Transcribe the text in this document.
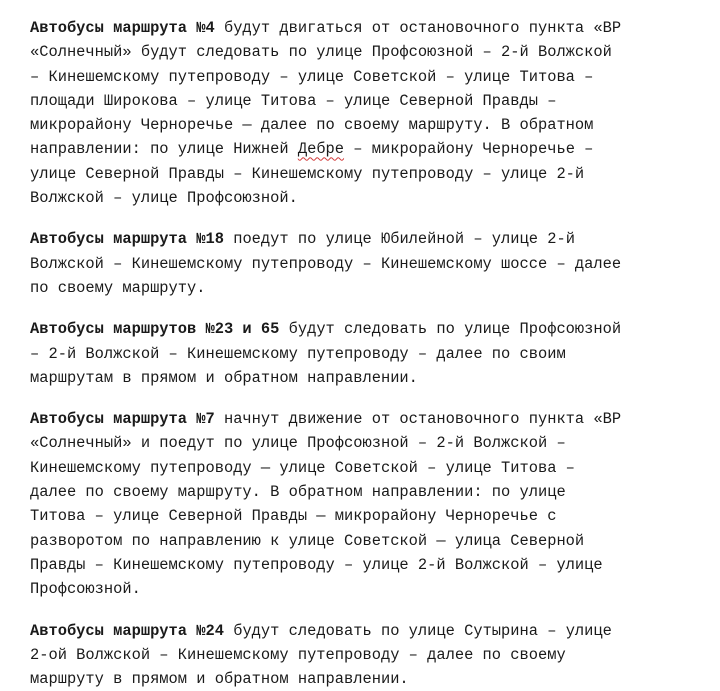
Автобусы маршрута №4 будут двигаться от остановочного пункта «ВР
«Солнечный» будут следовать по улице Профсоюзной – 2-й Волжской
– Кинешемскому путепроводу – улице Советской – улице Титова –
площади Широкова – улице Титова – улице Северной Правды –
микрорайону Черноречье — далее по своему маршруту. В обратном
направлении: по улице Нижней Дебре – микрорайону Черноречье –
улице Северной Правды – Кинешемскому путепроводу – улице 2-й
Волжской – улице Профсоюзной.

Автобусы маршрута №18 поедут по улице Юбилейной – улице 2-й
Волжской – Кинешемскому путепроводу – Кинешемскому шоссе – далее
по своему маршруту.

Автобусы маршрутов №23 и 65 будут следовать по улице Профсоюзной
– 2-й Волжской – Кинешемскому путепроводу – далее по своим
маршрутам в прямом и обратном направлении.

Автобусы маршрута №7 начнут движение от остановочного пункта «ВР
«Солнечный» и поедут по улице Профсоюзной – 2-й Волжской –
Кинешемскому путепроводу — улице Советской – улице Титова –
далее по своему маршруту. В обратном направлении: по улице
Титова – улице Северной Правды — микрорайону Черноречье с
разворотом по направлению к улице Советской — улица Северной
Правды – Кинешемскому путепроводу – улице 2-й Волжской – улице
Профсоюзной.

Автобусы маршрута №24 будут следовать по улице Сутырина – улице
2-ой Волжской – Кинешемскому путепроводу – далее по своему
маршруту в прямом и обратном направлении.
